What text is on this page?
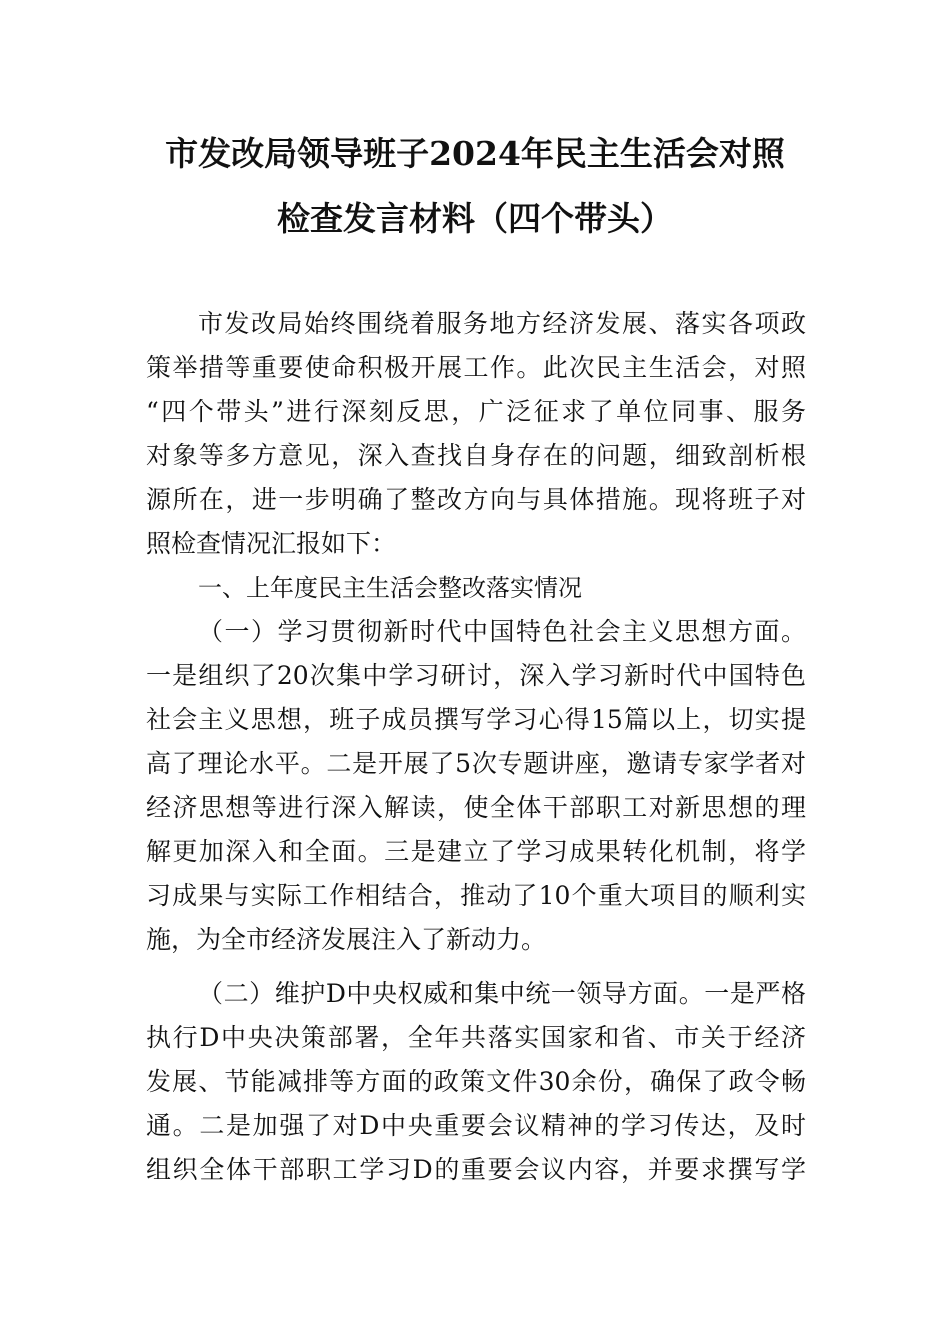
市发改局领导班子2024年民主生活会对照
检查发言材料（四个带头）
市发改局始终围绕着服务地方经济发展、落实各项政
策举措等重要使命积极开展工作。此次民主生活会，对照
“四个带头”进行深刻反思，广泛征求了单位同事、服务
对象等多方意见，深入查找自身存在的问题，细致剖析根
源所在，进一步明确了整改方向与具体措施。现将班子对
照检查情况汇报如下：
一、上年度民主生活会整改落实情况
（一）学习贯彻新时代中国特色社会主义思想方面。
一是组织了20次集中学习研讨，深入学习新时代中国特色
社会主义思想，班子成员撰写学习心得15篇以上，切实提
高了理论水平。二是开展了5次专题讲座，邀请专家学者对
经济思想等进行深入解读，使全体干部职工对新思想的理
解更加深入和全面。三是建立了学习成果转化机制，将学
习成果与实际工作相结合，推动了10个重大项目的顺利实
施，为全市经济发展注入了新动力。
（二）维护D中央权威和集中统一领导方面。一是严格
执行D中央决策部署，全年共落实国家和省、市关于经济
发展、节能减排等方面的政策文件30余份，确保了政令畅
通。二是加强了对D中央重要会议精神的学习传达，及时
组织全体干部职工学习D的重要会议内容，并要求撰写学
